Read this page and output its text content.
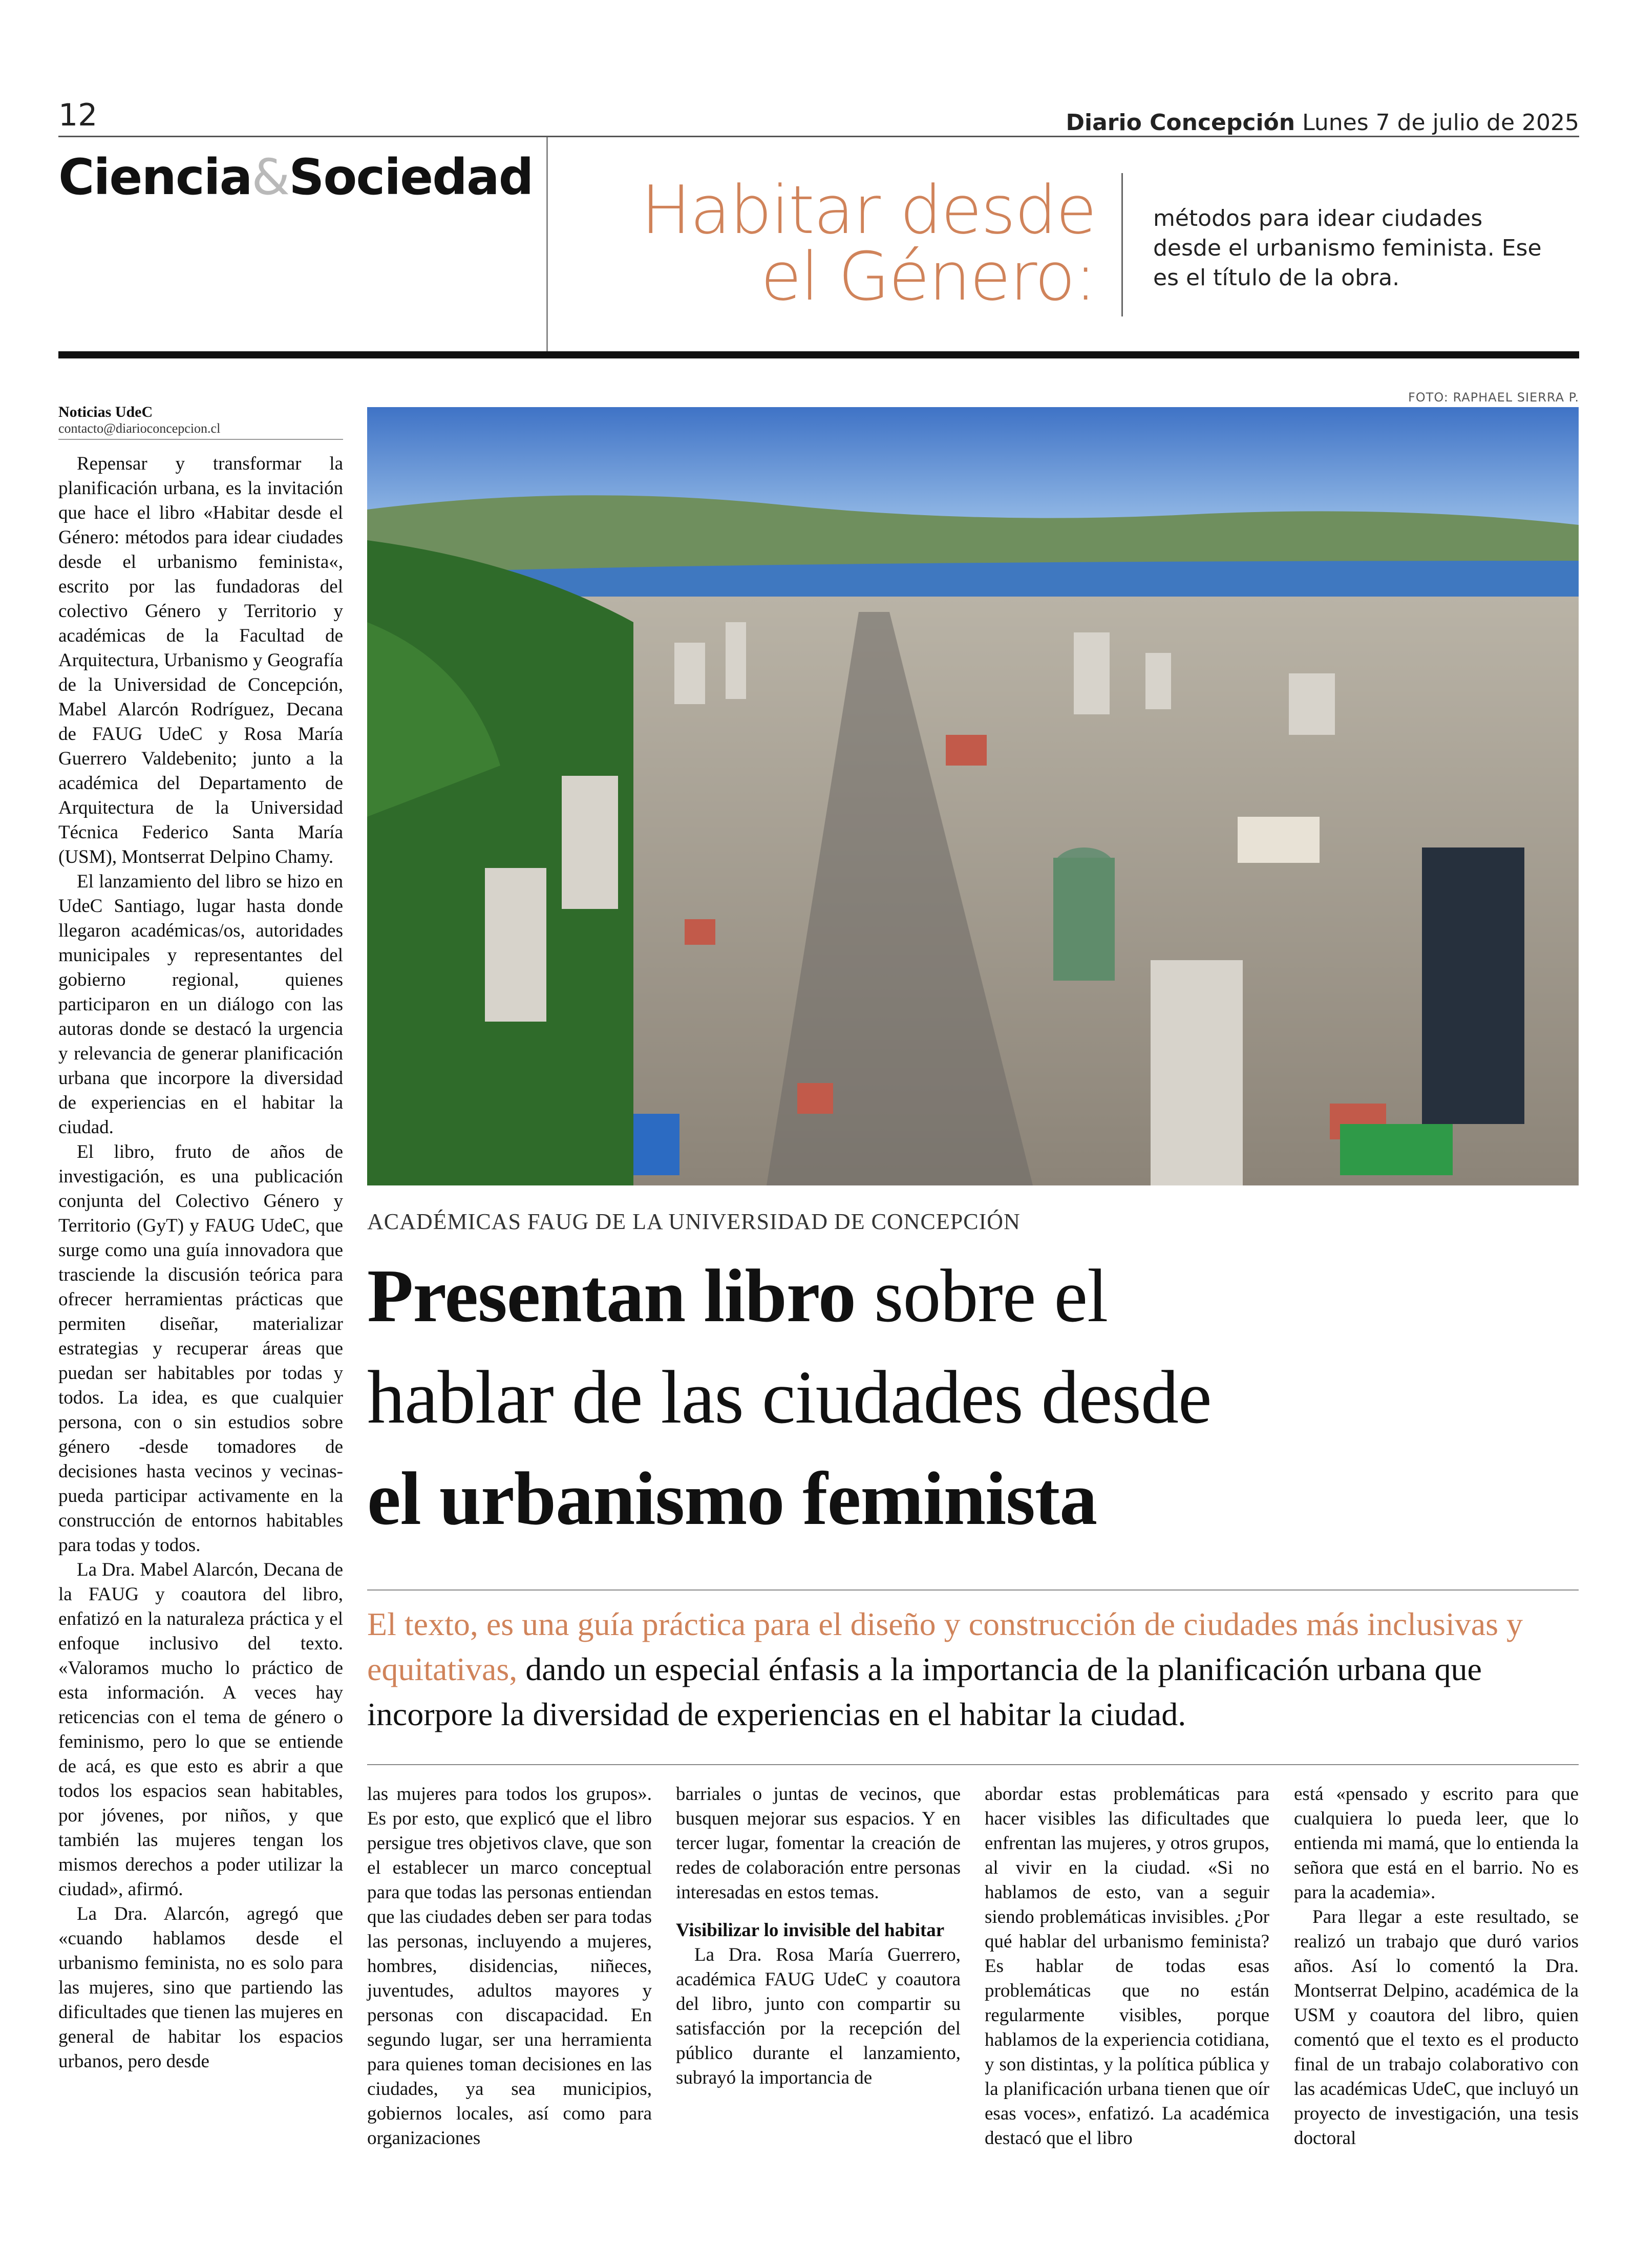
12	Diario Concepción Lunes 7 de julio de 2025
Ciencia&Sociedad	Habitar desde
el Género:
métodos para idear ciudades desde el urbanismo feminista. Ese es el título de la obra.
Noticias UdeC
contacto@diarioconcepcion.cl

Repensar y transformar la planificación urbana, es la invitación que hace el libro «Habitar desde el Género: métodos para idear ciudades desde el urbanismo feminista«, escrito por las fundadoras del colectivo Género y Territorio y académicas de la Facultad de Arquitectura, Urbanismo y Geografía de la Universidad de Concepción, Mabel Alarcón Rodríguez, Decana de FAUG UdeC y Rosa María Guerrero Valdebenito; junto a la académica del Departamento de Arquitectura de la Universidad Técnica Federico Santa María (USM), Montserrat Delpino Chamy.

El lanzamiento del libro se hizo en UdeC Santiago, lugar hasta donde llegaron académicas/os, autoridades municipales y representantes del gobierno regional, quienes participaron en un diálogo con las autoras donde se destacó la urgencia y relevancia de generar planificación urbana que incorpore la diversidad de experiencias en el habitar la ciudad.

El libro, fruto de años de investigación, es una publicación conjunta del Colectivo Género y Territorio (GyT) y FAUG UdeC, que surge como una guía innovadora que trasciende la discusión teórica para ofrecer herramientas prácticas que permiten diseñar, materializar estrategias y recuperar áreas que puedan ser habitables por todas y todos. La idea, es que cualquier persona, con o sin estudios sobre género -desde tomadores de decisiones hasta vecinos y vecinas- pueda participar activamente en la construcción de entornos habitables para todas y todos.

La Dra. Mabel Alarcón, Decana de la FAUG y coautora del libro, enfatizó en la naturaleza práctica y el enfoque inclusivo del texto. «Valoramos mucho lo práctico de esta información. A veces hay reticencias con el tema de género o feminismo, pero lo que se entiende de acá, es que esto es abrir a que todos los espacios sean habitables, por jóvenes, por niños, y que también las mujeres tengan los mismos derechos a poder utilizar la ciudad», afirmó.

La Dra. Alarcón, agregó que «cuando hablamos desde el urbanismo feminista, no es solo para las mujeres, sino que partiendo las dificultades que tienen las mujeres en general de habitar los espacios urbanos, pero desde

FOTO: RAPHAEL SIERRA P.
ACADÉMICAS FAUG DE LA UNIVERSIDAD DE CONCEPCIÓN
Presentan libro sobre el
hablar de las ciudades desde
el urbanismo feminista
El texto, es una guía práctica para el diseño y construcción de ciudades más inclusivas y equitativas, dando un especial énfasis a la importancia de la planificación urbana que incorpore la diversidad de experiencias en el habitar la ciudad.

las mujeres para todos los grupos». Es por esto, que explicó que el libro persigue tres objetivos clave, que son el establecer un marco conceptual para que todas las personas entiendan que las ciudades deben ser para todas las personas, incluyendo a mujeres, hombres, disidencias, niñeces, juventudes, adultos mayores y personas con discapacidad. En segundo lugar, ser una herramienta para quienes toman decisiones en las ciudades, ya sea municipios, gobiernos locales, así como para organizaciones

barriales o juntas de vecinos, que busquen mejorar sus espacios. Y en tercer lugar, fomentar la creación de redes de colaboración entre personas interesadas en estos temas.

Visibilizar lo invisible del habitar

La Dra. Rosa María Guerrero, académica FAUG UdeC y coautora del libro, junto con compartir su satisfacción por la recepción del público durante el lanzamiento, subrayó la importancia de

abordar estas problemáticas para hacer visibles las dificultades que enfrentan las mujeres, y otros grupos, al vivir en la ciudad. «Si no hablamos de esto, van a seguir siendo problemáticas invisibles. ¿Por qué hablar del urbanismo feminista? Es hablar de todas esas problemáticas que no están regularmente visibles, porque hablamos de la experiencia cotidiana, y son distintas, y la política pública y la planificación urbana tienen que oír esas voces», enfatizó. La académica destacó que el libro

está «pensado y escrito para que cualquiera lo pueda leer, que lo entienda mi mamá, que lo entienda la señora que está en el barrio. No es para la academia».

Para llegar a este resultado, se realizó un trabajo que duró varios años. Así lo comentó la Dra. Montserrat Delpino, académica de la USM y coautora del libro, quien comentó que el texto es el producto final de un trabajo colaborativo con las académicas UdeC, que incluyó un proyecto de investigación, una tesis doctoral
